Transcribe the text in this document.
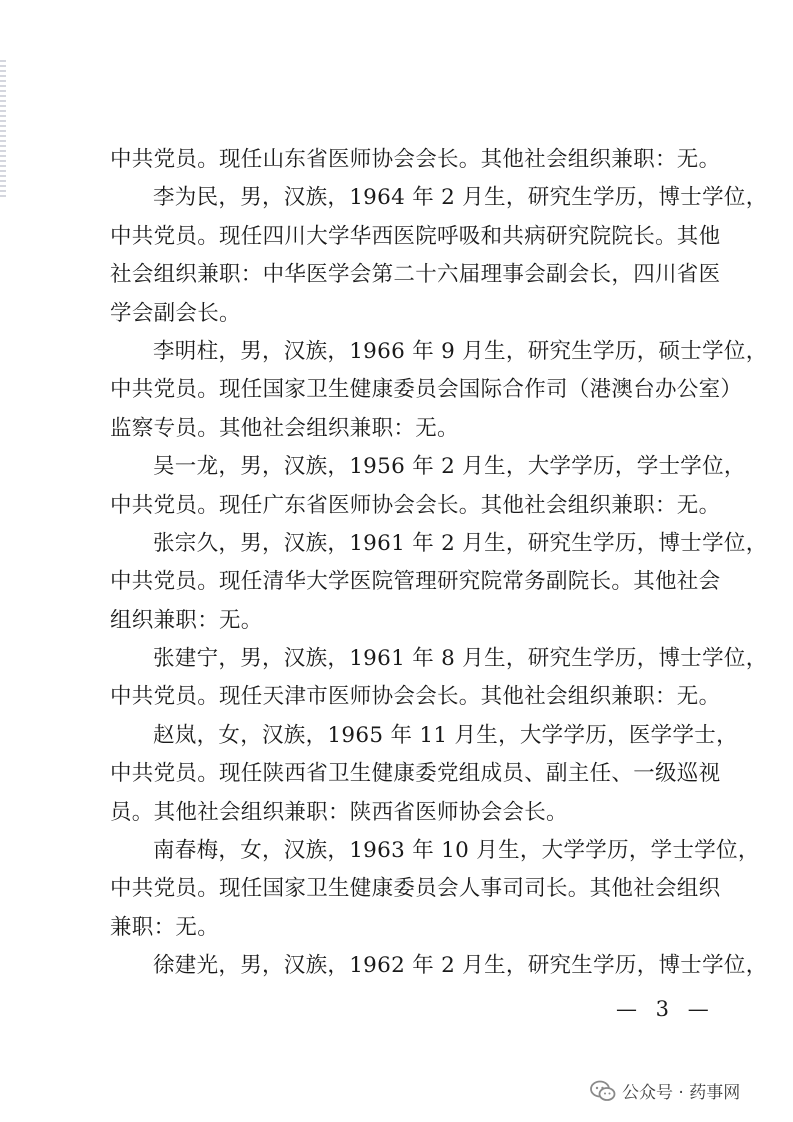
中共党员。现任山东省医师协会会长。其他社会组织兼职：无。
李为民，男，汉族，1964 年 2 月生，研究生学历，博士学位，
中共党员。现任四川大学华西医院呼吸和共病研究院院长。其他
社会组织兼职：中华医学会第二十六届理事会副会长，四川省医
学会副会长。
李明柱，男，汉族，1966 年 9 月生，研究生学历，硕士学位，
中共党员。现任国家卫生健康委员会国际合作司（港澳台办公室）
监察专员。其他社会组织兼职：无。
吴一龙，男，汉族，1956 年 2 月生，大学学历，学士学位，
中共党员。现任广东省医师协会会长。其他社会组织兼职：无。
张宗久，男，汉族，1961 年 2 月生，研究生学历，博士学位，
中共党员。现任清华大学医院管理研究院常务副院长。其他社会
组织兼职：无。
张建宁，男，汉族，1961 年 8 月生，研究生学历，博士学位，
中共党员。现任天津市医师协会会长。其他社会组织兼职：无。
赵岚，女，汉族，1965 年 11 月生，大学学历，医学学士，
中共党员。现任陕西省卫生健康委党组成员、副主任、一级巡视
员。其他社会组织兼职：陕西省医师协会会长。
南春梅，女，汉族，1963 年 10 月生，大学学历，学士学位，
中共党员。现任国家卫生健康委员会人事司司长。其他社会组织
兼职：无。
徐建光，男，汉族，1962 年 2 月生，研究生学历，博士学位，
— 3 —
公众号 · 药事网
